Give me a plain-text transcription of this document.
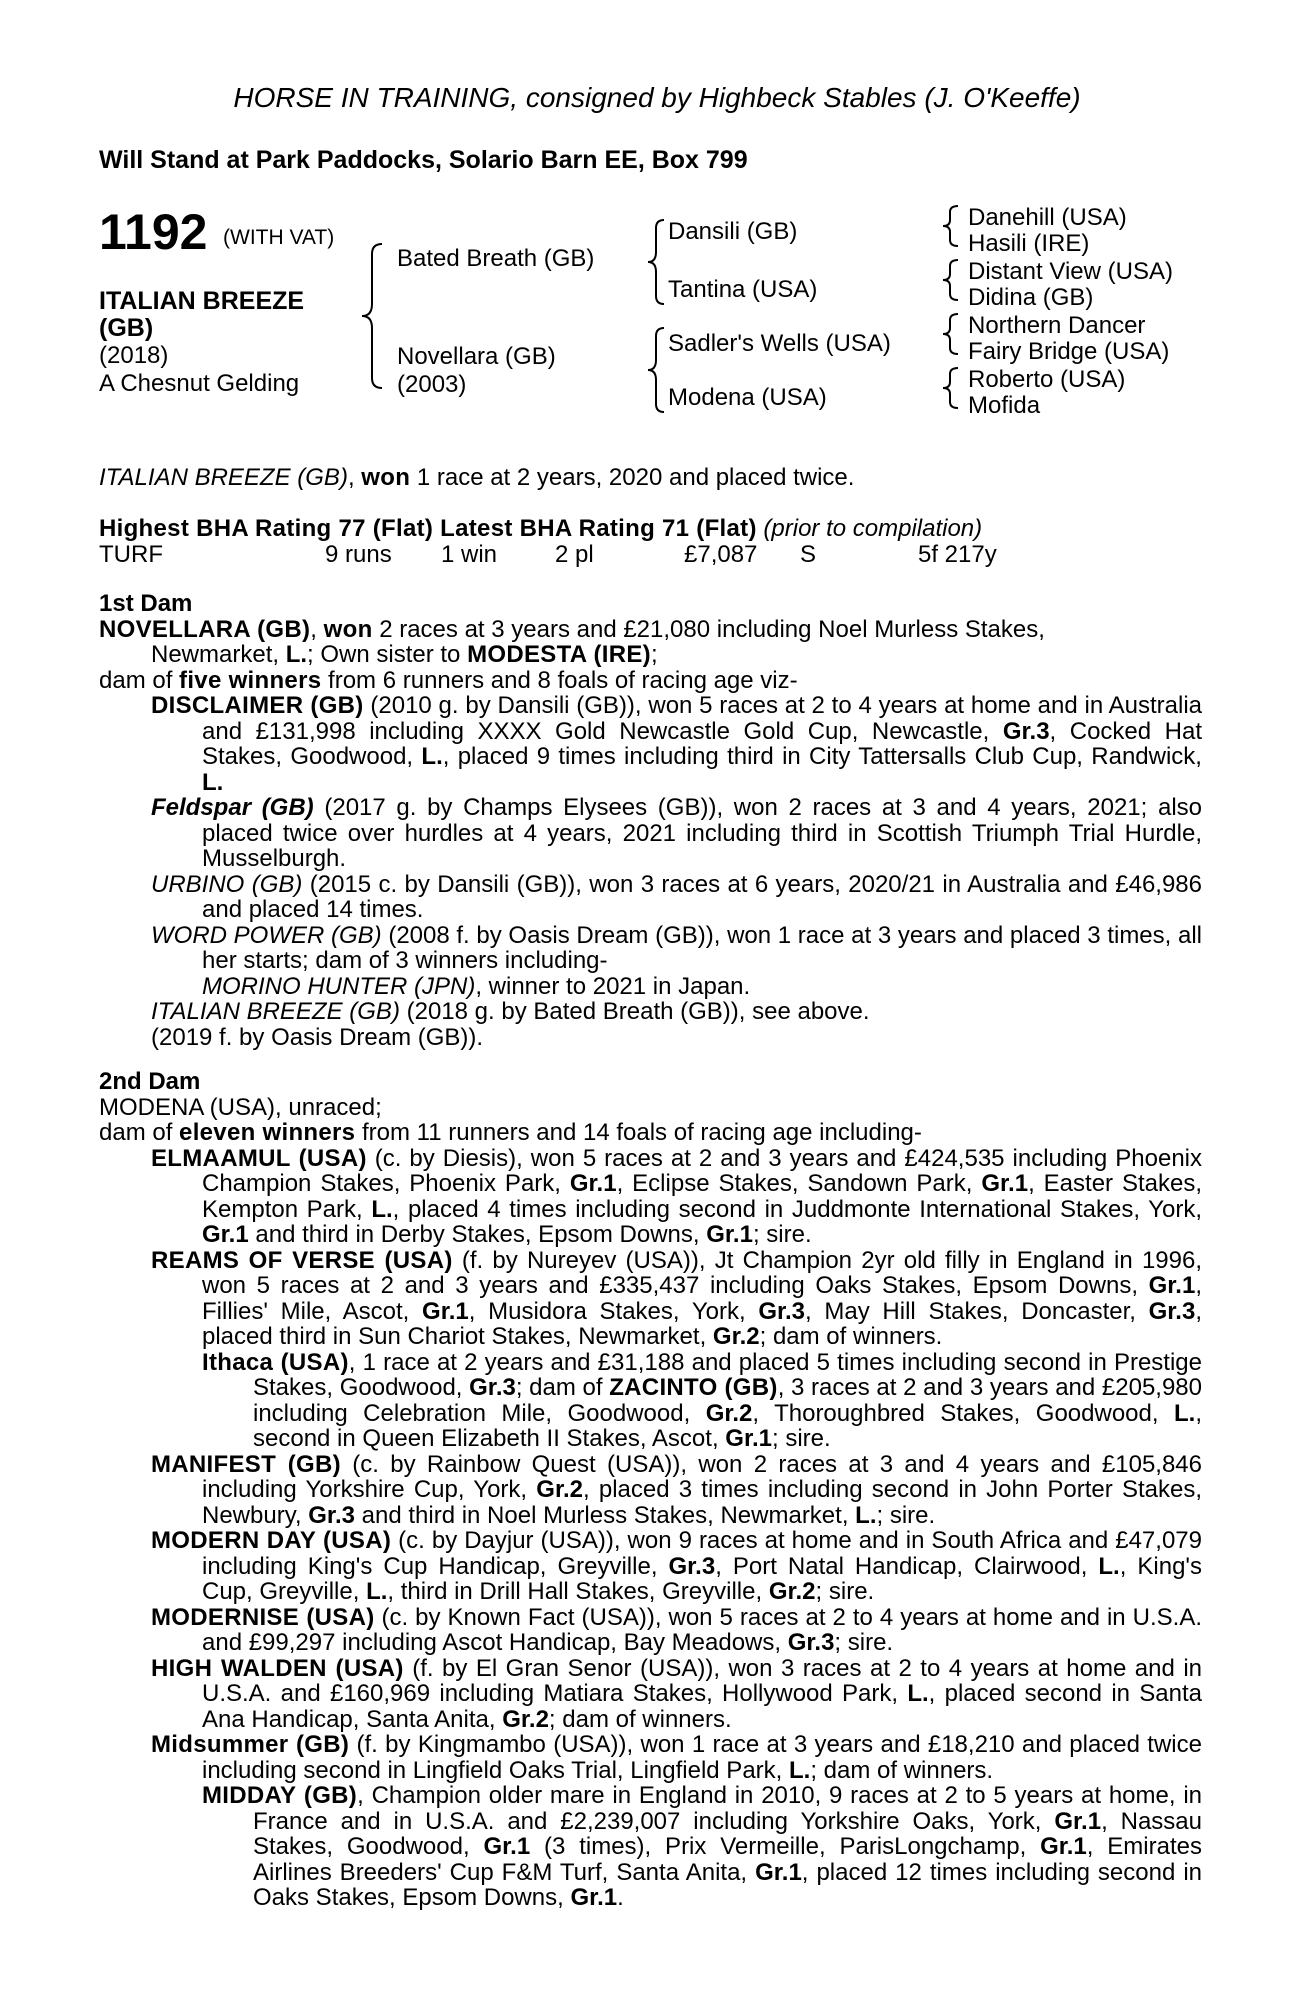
HORSE IN TRAINING, consigned by Highbeck Stables (J. O'Keeffe)
Will Stand at Park Paddocks, Solario Barn EE, Box 799
1192 (WITH VAT)
ITALIAN BREEZE
(GB)
(2018)
A Chesnut Gelding
Bated Breath (GB)
Novellara (GB)
(2003)
Dansili (GB)
Tantina (USA)
Sadler's Wells (USA)
Modena (USA)
Danehill (USA)
Hasili (IRE)
Distant View (USA)
Didina (GB)
Northern Dancer
Fairy Bridge (USA)
Roberto (USA)
Mofida
ITALIAN BREEZE (GB), won 1 race at 2 years, 2020 and placed twice.
Highest BHA Rating 77 (Flat) Latest BHA Rating 71 (Flat) (prior to compilation)
TURF	9 runs 1 win 2 pl	£7,087 S	5f 217y

1st Dam

NOVELLARA (GB), won 2 races at 3 years and £21,080 including Noel Murless Stakes,

Newmarket, L.; Own sister to MODESTA (IRE);

dam of five winners from 6 runners and 8 foals of racing age viz-

DISCLAIMER (GB) (2010 g. by Dansili (GB)), won 5 races at 2 to 4 years at home and in Australia and £131,998 including XXXX Gold Newcastle Gold Cup, Newcastle, Gr.3, Cocked Hat Stakes, Goodwood, L., placed 9 times including third in City Tattersalls Club Cup, Randwick, L.

Feldspar (GB) (2017 g. by Champs Elysees (GB)), won 2 races at 3 and 4 years, 2021; also placed twice over hurdles at 4 years, 2021 including third in Scottish Triumph Trial Hurdle, Musselburgh.

URBINO (GB) (2015 c. by Dansili (GB)), won 3 races at 6 years, 2020/21 in Australia and £46,986 and placed 14 times.

WORD POWER (GB) (2008 f. by Oasis Dream (GB)), won 1 race at 3 years and placed 3 times, all her starts; dam of 3 winners including-

MORINO HUNTER (JPN), winner to 2021 in Japan.

ITALIAN BREEZE (GB) (2018 g. by Bated Breath (GB)), see above.

(2019 f. by Oasis Dream (GB)).

2nd Dam

MODENA (USA), unraced;

dam of eleven winners from 11 runners and 14 foals of racing age including-

ELMAAMUL (USA) (c. by Diesis), won 5 races at 2 and 3 years and £424,535 including Phoenix Champion Stakes, Phoenix Park, Gr.1, Eclipse Stakes, Sandown Park, Gr.1, Easter Stakes, Kempton Park, L., placed 4 times including second in Juddmonte International Stakes, York, Gr.1 and third in Derby Stakes, Epsom Downs, Gr.1; sire.

REAMS OF VERSE (USA) (f. by Nureyev (USA)), Jt Champion 2yr old filly in England in 1996, won 5 races at 2 and 3 years and £335,437 including Oaks Stakes, Epsom Downs, Gr.1, Fillies' Mile, Ascot, Gr.1, Musidora Stakes, York, Gr.3, May Hill Stakes, Doncaster, Gr.3, placed third in Sun Chariot Stakes, Newmarket, Gr.2; dam of winners.

Ithaca (USA), 1 race at 2 years and £31,188 and placed 5 times including second in Prestige Stakes, Goodwood, Gr.3; dam of ZACINTO (GB), 3 races at 2 and 3 years and £205,980 including Celebration Mile, Goodwood, Gr.2, Thoroughbred Stakes, Goodwood, L., second in Queen Elizabeth II Stakes, Ascot, Gr.1; sire.

MANIFEST (GB) (c. by Rainbow Quest (USA)), won 2 races at 3 and 4 years and £105,846 including Yorkshire Cup, York, Gr.2, placed 3 times including second in John Porter Stakes, Newbury, Gr.3 and third in Noel Murless Stakes, Newmarket, L.; sire.

MODERN DAY (USA) (c. by Dayjur (USA)), won 9 races at home and in South Africa and £47,079 including King's Cup Handicap, Greyville, Gr.3, Port Natal Handicap, Clairwood, L., King's Cup, Greyville, L., third in Drill Hall Stakes, Greyville, Gr.2; sire.

MODERNISE (USA) (c. by Known Fact (USA)), won 5 races at 2 to 4 years at home and in U.S.A. and £99,297 including Ascot Handicap, Bay Meadows, Gr.3; sire.

HIGH WALDEN (USA) (f. by El Gran Senor (USA)), won 3 races at 2 to 4 years at home and in U.S.A. and £160,969 including Matiara Stakes, Hollywood Park, L., placed second in Santa Ana Handicap, Santa Anita, Gr.2; dam of winners.

Midsummer (GB) (f. by Kingmambo (USA)), won 1 race at 3 years and £18,210 and placed twice including second in Lingfield Oaks Trial, Lingfield Park, L.; dam of winners.

MIDDAY (GB), Champion older mare in England in 2010, 9 races at 2 to 5 years at home, in France and in U.S.A. and £2,239,007 including Yorkshire Oaks, York, Gr.1, Nassau Stakes, Goodwood, Gr.1 (3 times), Prix Vermeille, ParisLongchamp, Gr.1, Emirates Airlines Breeders' Cup F&M Turf, Santa Anita, Gr.1, placed 12 times including second in Oaks Stakes, Epsom Downs, Gr.1.
